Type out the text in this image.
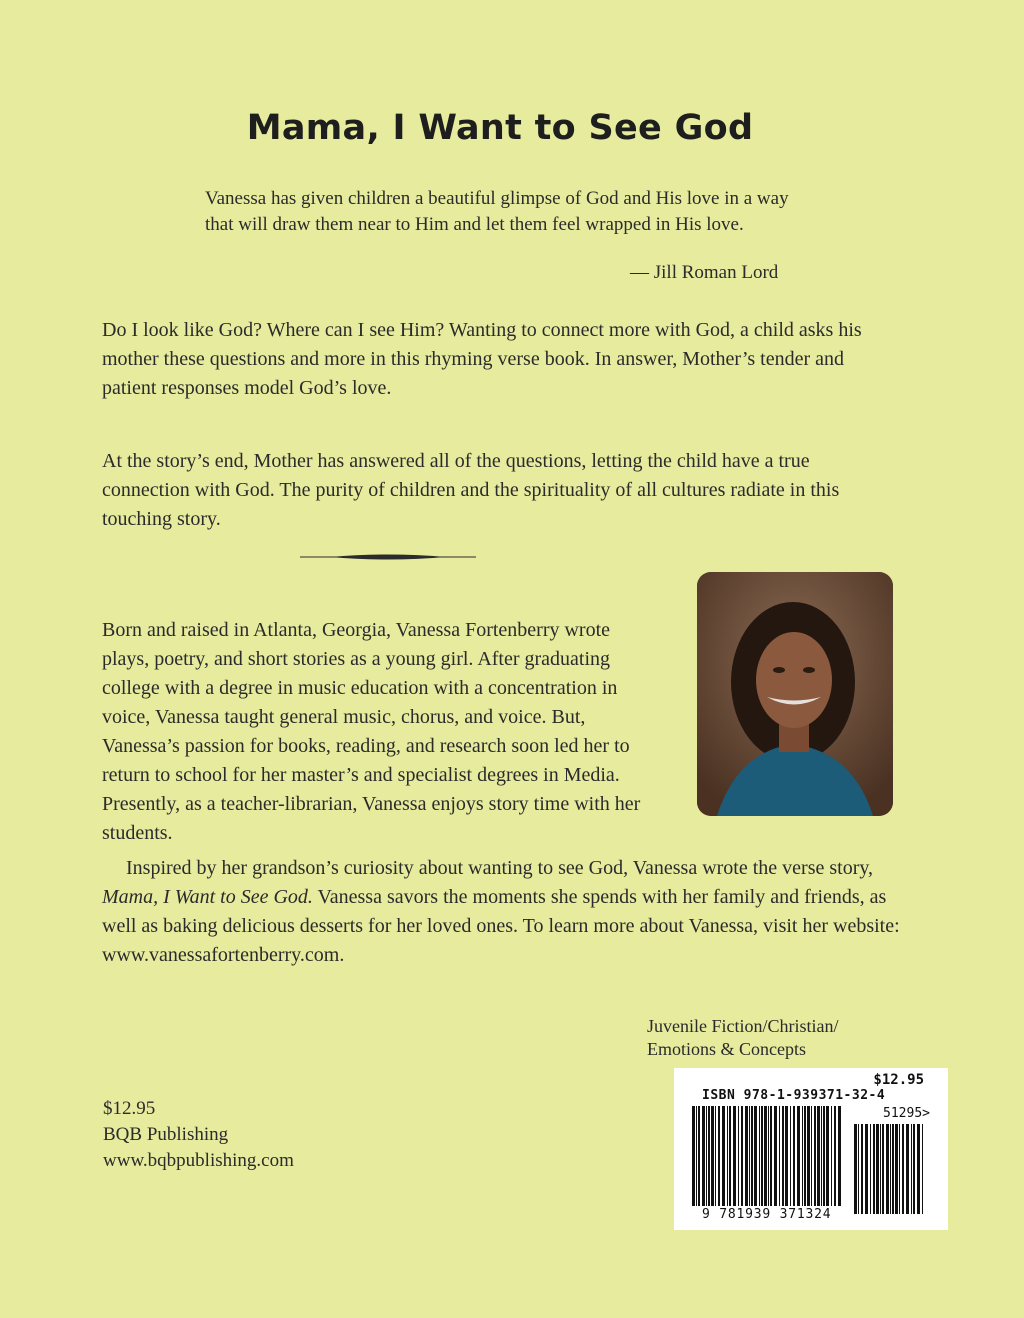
Mama, I Want to See God
Vanessa has given children a beautiful glimpse of God and His love in a way that will draw them near to Him and let them feel wrapped in His love.
— Jill Roman Lord
Do I look like God? Where can I see Him? Wanting to connect more with God, a child asks his mother these questions and more in this rhyming verse book. In answer, Mother’s tender and patient responses model God’s love.
At the story’s end, Mother has answered all of the questions, letting the child have a true connection with God. The purity of children and the spirituality of all cultures radiate in this touching story.
Born and raised in Atlanta, Georgia, Vanessa Fortenberry wrote plays, poetry, and short stories as a young girl. After graduating college with a degree in music education with a concentration in voice, Vanessa taught general music, chorus, and voice. But, Vanessa’s passion for books, reading, and research soon led her to return to school for her master’s and specialist degrees in Media. Presently, as a teacher-librarian, Vanessa enjoys story time with her students.
Inspired by her grandson’s curiosity about wanting to see God, Vanessa wrote the verse story, Mama, I Want to See God. Vanessa savors the moments she spends with her family and friends, as well as baking delicious desserts for her loved ones. To learn more about Vanessa, visit her website: www.vanessafortenberry.com.
Juvenile Fiction/Christian/
Emotions & Concepts
$12.95
BQB Publishing
www.bqbpublishing.com
$12.95
ISBN 978-1-939371-32-4
51295>
9 781939 371324
